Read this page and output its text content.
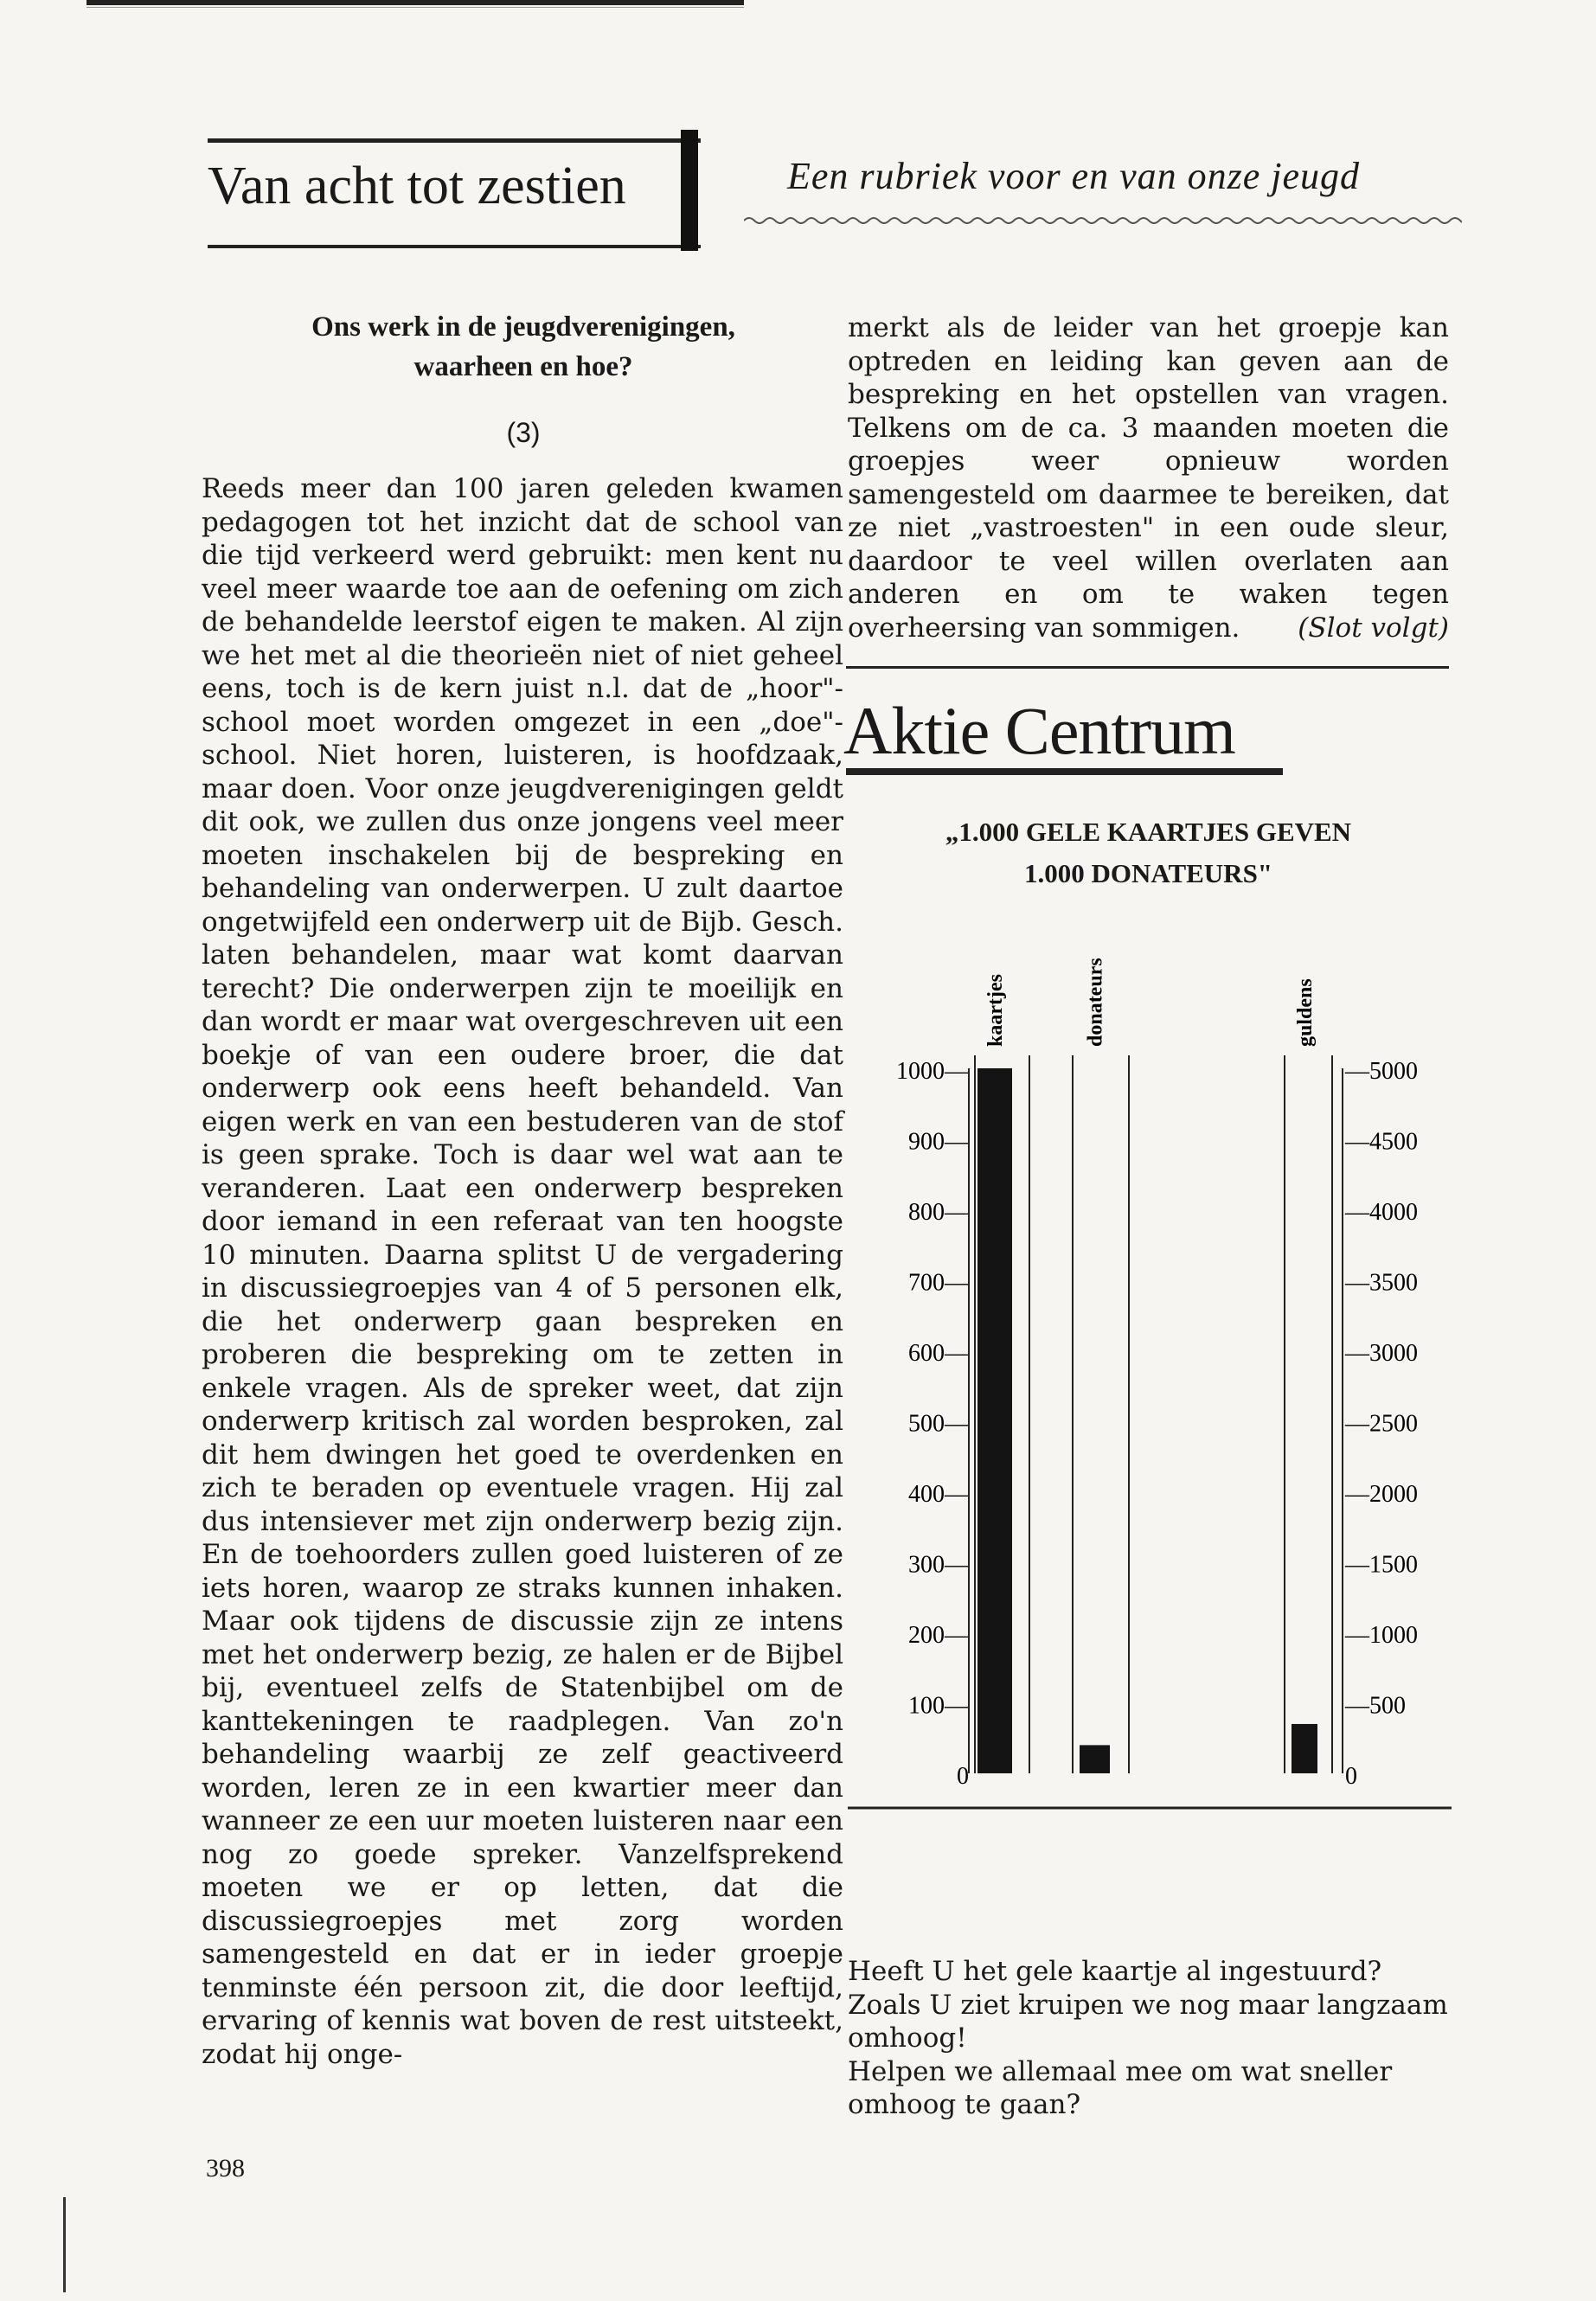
Van acht tot zestien	Een rubriek voor en van onze jeugd
Ons werk in de jeugdverenigingen,
waarheen en hoe?
(3)

Reeds meer dan 100 jaren geleden kwamen pedagogen tot het inzicht dat de school van die tijd verkeerd werd gebruikt: men kent nu veel meer waarde toe aan de oefening om zich de behandelde leerstof eigen te maken. Al zijn we het met al die theorieën niet of niet geheel eens, toch is de kern juist n.l. dat de „hoor"-school moet worden omgezet in een „doe"-school. Niet horen, luisteren, is hoofdzaak, maar doen. Voor onze jeugdverenigingen geldt dit ook, we zullen dus onze jongens veel meer moeten inschakelen bij de bespreking en behandeling van onderwerpen. U zult daartoe ongetwijfeld een onderwerp uit de Bijb. Gesch. laten behandelen, maar wat komt daarvan terecht? Die onderwerpen zijn te moeilijk en dan wordt er maar wat overgeschreven uit een boekje of van een oudere broer, die dat onderwerp ook eens heeft behandeld. Van eigen werk en van een bestuderen van de stof is geen sprake. Toch is daar wel wat aan te veranderen. Laat een onderwerp bespreken door iemand in een referaat van ten hoogste 10 minuten. Daarna splitst U de vergadering in discussiegroepjes van 4 of 5 personen elk, die het onderwerp gaan bespreken en proberen die bespreking om te zetten in enkele vragen. Als de spreker weet, dat zijn onderwerp kritisch zal worden besproken, zal dit hem dwingen het goed te overdenken en zich te beraden op eventuele vragen. Hij zal dus intensiever met zijn onderwerp bezig zijn. En de toehoorders zullen goed luisteren of ze iets horen, waarop ze straks kunnen inhaken. Maar ook tijdens de discussie zijn ze intens met het onderwerp bezig, ze halen er de Bijbel bij, eventueel zelfs de Statenbijbel om de kanttekeningen te raadplegen. Van zo'n behandeling waarbij ze zelf geactiveerd worden, leren ze in een kwartier meer dan wanneer ze een uur moeten luisteren naar een nog zo goede spreker. Vanzelfsprekend moeten we er op letten, dat die discussiegroepjes met zorg worden samengesteld en dat er in ieder groepje tenminste één persoon zit, die door leeftijd, ervaring of kennis wat boven de rest uitsteekt, zodat hij onge-

merkt als de leider van het groepje kan optreden en leiding kan geven aan de bespreking en het opstellen van vragen. Telkens om de ca. 3 maanden moeten die groepjes weer opnieuw worden samengesteld om daarmee te bereiken, dat ze niet „vastroesten" in een oude sleur, daardoor te veel willen overlaten aan anderen en om te waken tegen overheersing van sommigen. (Slot volgt)

Aktie Centrum
„1.000 GELE KAARTJES GEVEN
1.000 DONATEURS"
kaartjes	donateurs	guldens
0
100—
200—
300—
400—
500—
600—
700—
800—
900—
1000—
0
—500
—1000
—1500
—2000
—2500
—3000
—3500
—4000
—4500
—5000

Heeft U het gele kaartje al ingestuurd?

Zoals U ziet kruipen we nog maar langzaam omhoog!

Helpen we allemaal mee om wat sneller omhoog te gaan?

398
